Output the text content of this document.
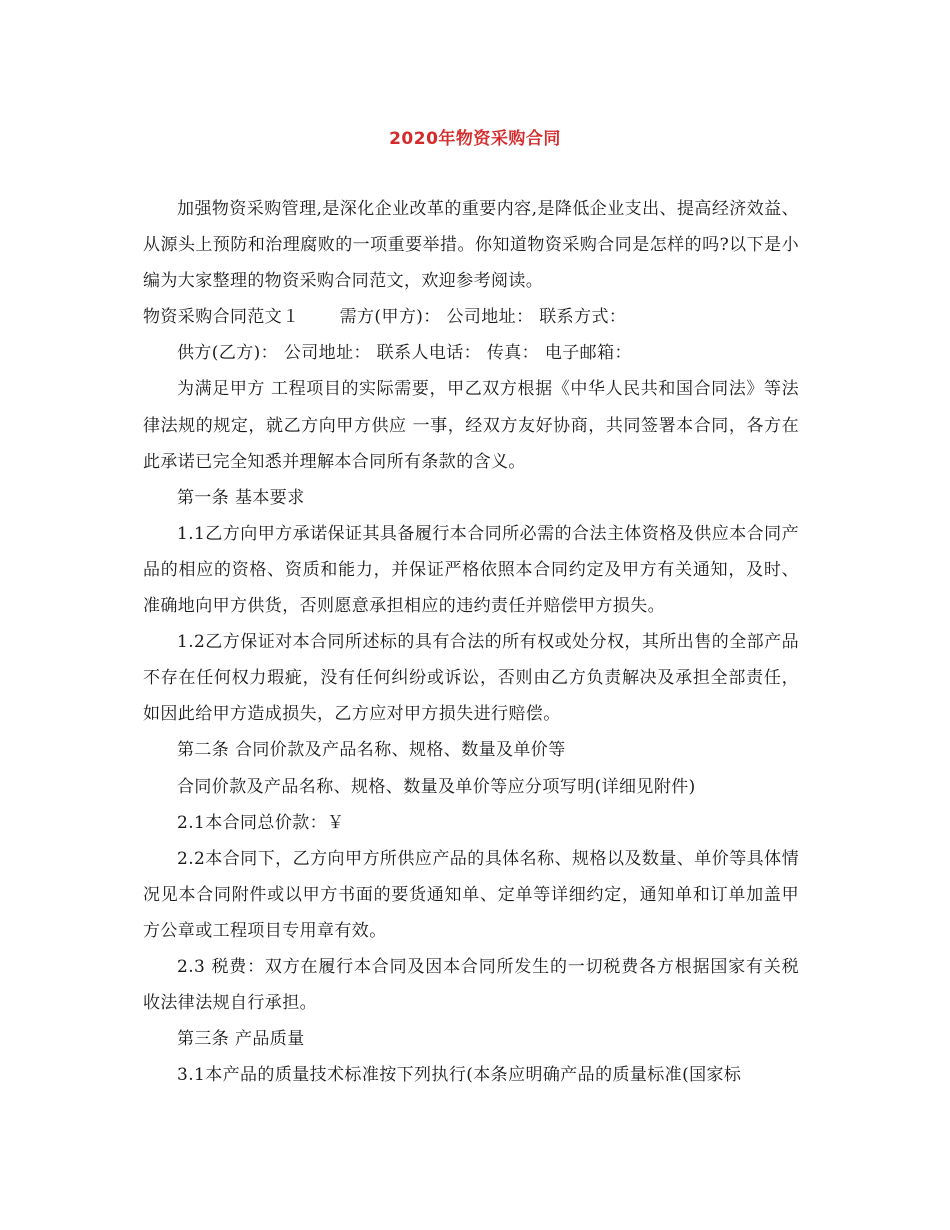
2020年物资采购合同

加强物资采购管理,是深化企业改革的重要内容,是降低企业支出、提高经济效益、从源头上预防和治理腐败的一项重要举措。你知道物资采购合同是怎样的吗?以下是小编为大家整理的物资采购合同范文，欢迎参考阅读。

物资采购合同范文１ 需方(甲方)： 公司地址： 联系方式：

供方(乙方)： 公司地址： 联系人电话： 传真： 电子邮箱：

为满足甲方 工程项目的实际需要，甲乙双方根据《中华人民共和国合同法》等法律法规的规定，就乙方向甲方供应 一事，经双方友好协商，共同签署本合同，各方在此承诺已完全知悉并理解本合同所有条款的含义。

第一条 基本要求

1.1乙方向甲方承诺保证其具备履行本合同所必需的合法主体资格及供应本合同产品的相应的资格、资质和能力，并保证严格依照本合同约定及甲方有关通知，及时、准确地向甲方供货，否则愿意承担相应的违约责任并赔偿甲方损失。

1.2乙方保证对本合同所述标的具有合法的所有权或处分权，其所出售的全部产品不存在任何权力瑕疵，没有任何纠纷或诉讼，否则由乙方负责解决及承担全部责任，如因此给甲方造成损失，乙方应对甲方损失进行赔偿。

第二条 合同价款及产品名称、规格、数量及单价等

合同价款及产品名称、规格、数量及单价等应分项写明(详细见附件)

2.1本合同总价款：￥

2.2本合同下，乙方向甲方所供应产品的具体名称、规格以及数量、单价等具体情况见本合同附件或以甲方书面的要货通知单、定单等详细约定，通知单和订单加盖甲方公章或工程项目专用章有效。

2.3 税费：双方在履行本合同及因本合同所发生的一切税费各方根据国家有关税收法律法规自行承担。

第三条 产品质量

3.1本产品的质量技术标准按下列执行(本条应明确产品的质量标准(国家标
